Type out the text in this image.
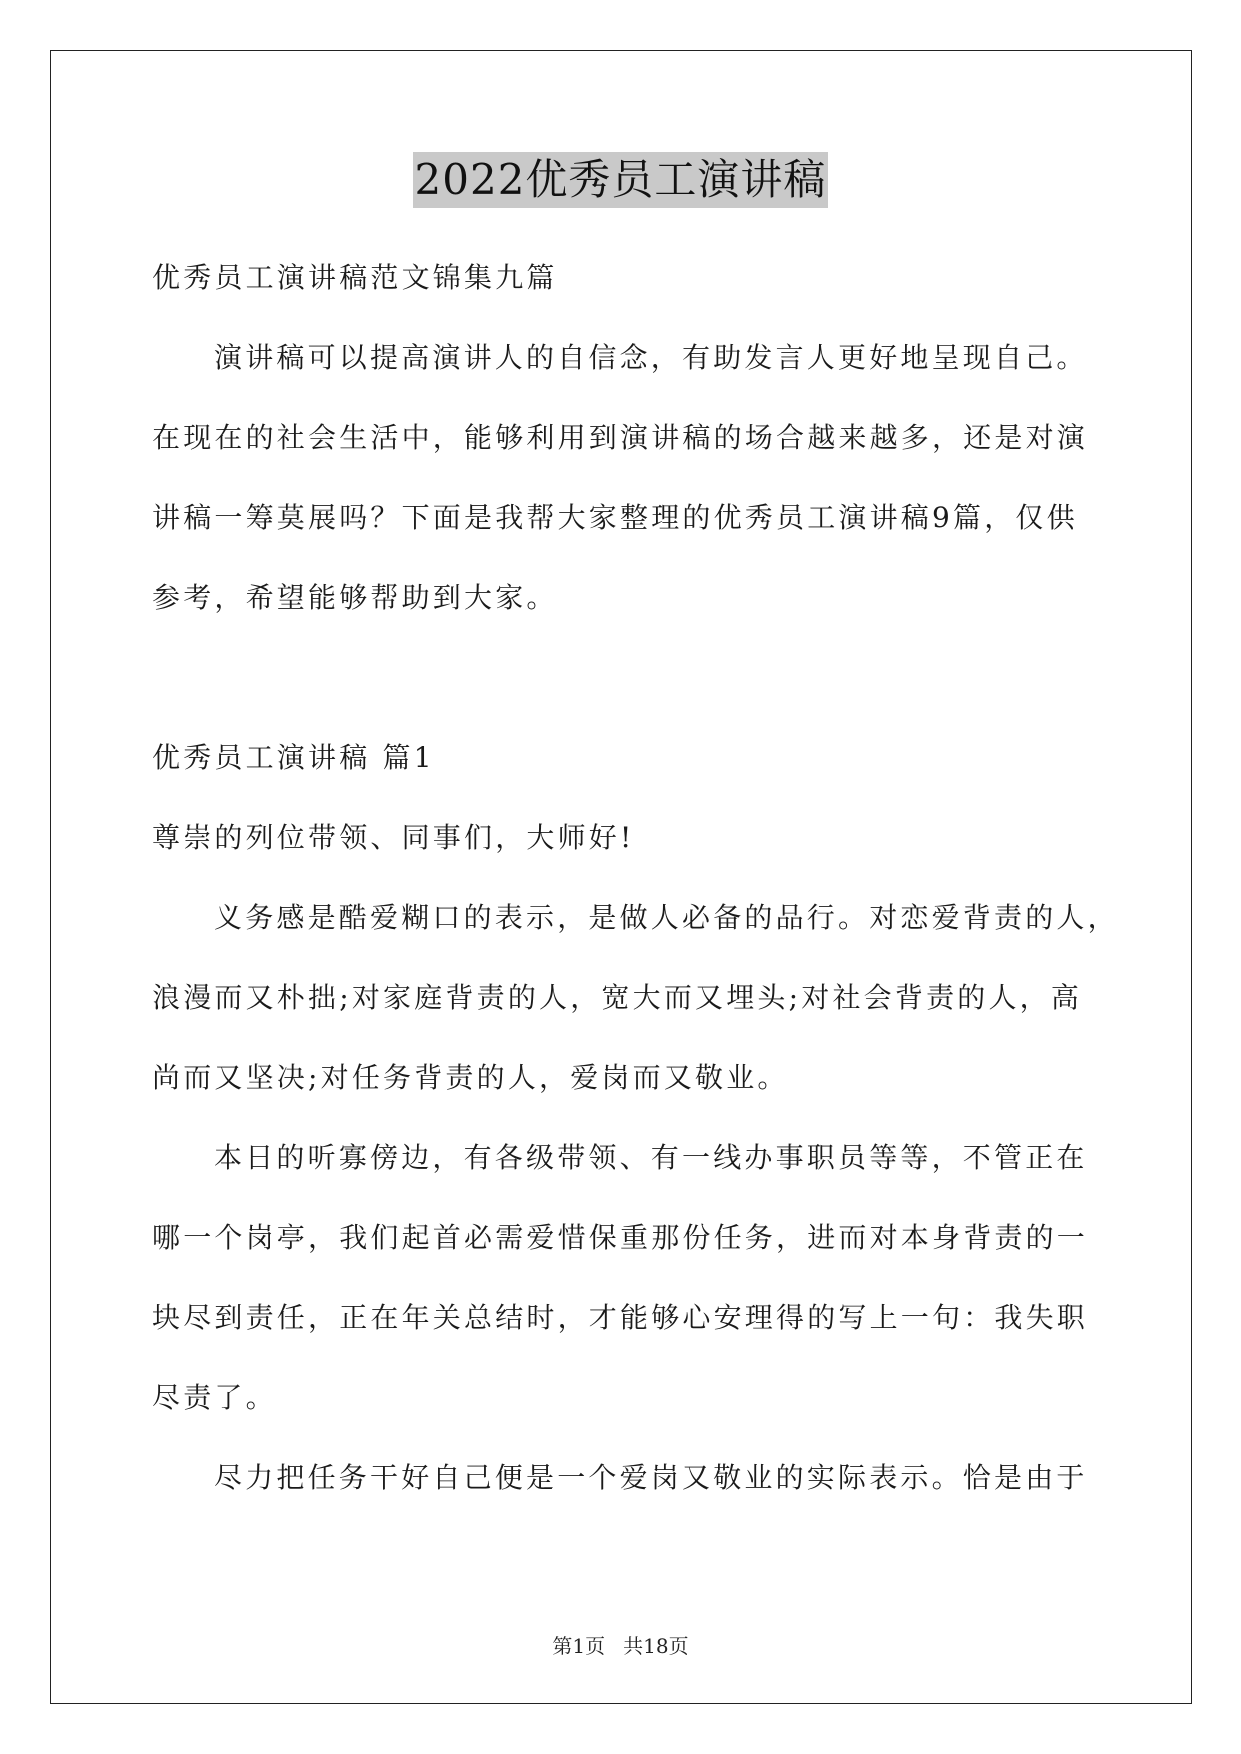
2022优秀员工演讲稿
优秀员工演讲稿范文锦集九篇
演讲稿可以提高演讲人的自信念，有助发言人更好地呈现自己。
在现在的社会生活中，能够利用到演讲稿的场合越来越多，还是对演
讲稿一筹莫展吗？下面是我帮大家整理的优秀员工演讲稿9篇，仅供
参考，希望能够帮助到大家。
优秀员工演讲稿 篇1
尊崇的列位带领、同事们，大师好!
义务感是酷爱糊口的表示，是做人必备的品行。对恋爱背责的人，
浪漫而又朴拙;对家庭背责的人，宽大而又埋头;对社会背责的人，高
尚而又坚决;对任务背责的人，爱岗而又敬业。
本日的听寡傍边，有各级带领、有一线办事职员等等，不管正在
哪一个岗亭，我们起首必需爱惜保重那份任务，进而对本身背责的一
块尽到责任，正在年关总结时，才能够心安理得的写上一句：我失职
尽责了。
尽力把任务干好自己便是一个爱岗又敬业的实际表示。恰是由于
第1页 共18页
